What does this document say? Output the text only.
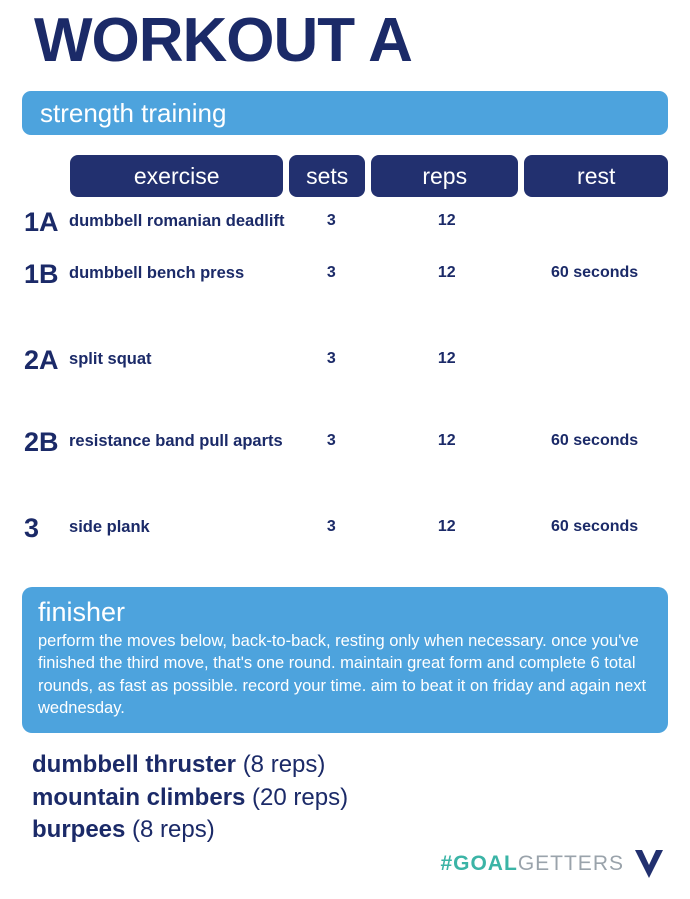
WORKOUT A
strength training
exercise	sets	reps	rest
1A dumbbell romanian deadlift	3	12
1B dumbbell bench press	3	12	60 seconds
2A split squat	3	12
2B resistance band pull aparts	3	12	60 seconds
3	side plank	3	12	60 seconds
finisher

perform the moves below, back-to-back, resting only when necessary. once you've finished the third move, that's one round. maintain great form and complete 6 total rounds, as fast as possible. record your time. aim to beat it on friday and again next wednesday.

dumbbell thruster (8 reps)
mountain climbers (20 reps)
burpees (8 reps)
#GOALGETTERS
